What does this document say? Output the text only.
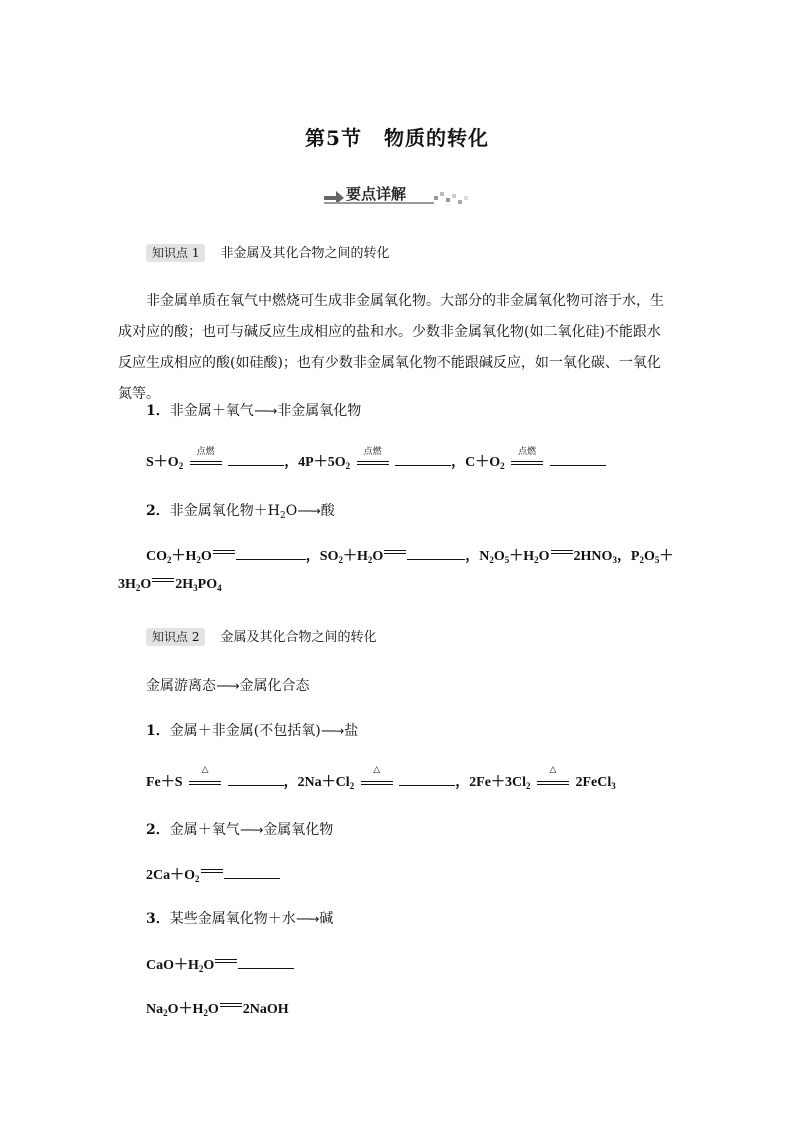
第5节 物质的转化
要点详解
知识点 1 非金属及其化合物之间的转化
非金属单质在氧气中燃烧可生成非金属氧化物。大部分的非金属氧化物可溶于水，生成对应的酸；也可与碱反应生成相应的盐和水。少数非金属氧化物(如二氧化硅)不能跟水反应生成相应的酸(如硅酸)；也有少数非金属氧化物不能跟碱反应，如一氧化碳、一氧化氮等。
1．非金属＋氧气──→非金属氧化物
$S+O_2$
点燃
，$4P+5O_2$
点燃
，$C+O_2$
点燃

2．非金属氧化物$+H_2O──\to$酸
$CO_2+H_2O$	，$SO_2+H_2O$	，$N_2O_5+H_2O$ $2HNO_3$，$P_2O_5+$
$3H_2O$ $2H_3PO_4$
知识点 2 金属及其化合物之间的转化
金属游离态──→金属化合态
1．金属＋非金属(不包括氧)──→盐
Fe＋S
△
，$2Na+Cl_2$
△
，$2Fe+3Cl_2$
△
2FeCl$_3$
2．金属＋氧气──→金属氧化物
$2Ca+O_2$
3．某些金属氧化物＋水──→碱
$CaO+H_2O$
$Na_2O+H_2O$ 2NaOH
